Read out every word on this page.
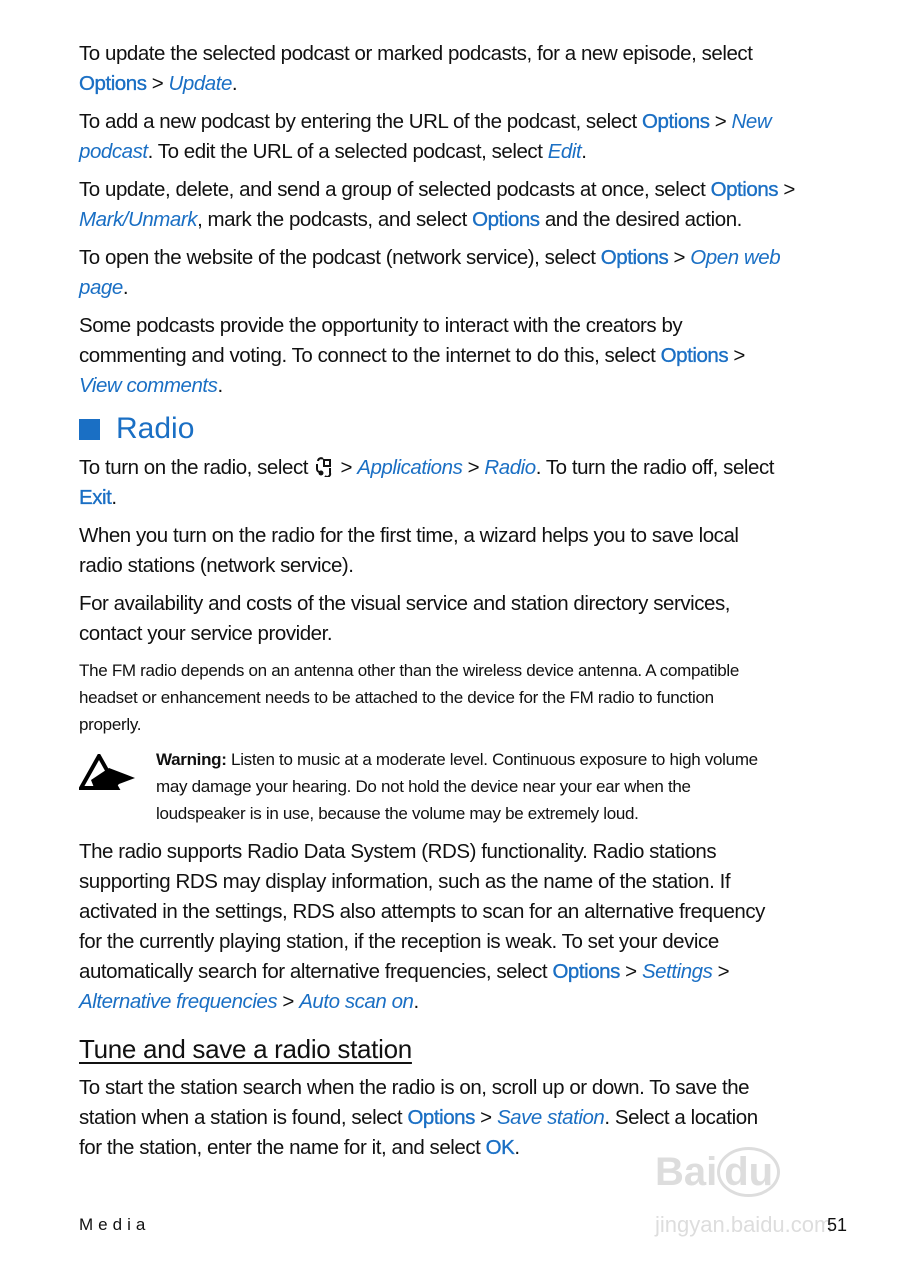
To update the selected podcast or marked podcasts, for a new episode, select
Options > Update.
To add a new podcast by entering the URL of the podcast, select Options > New
podcast. To edit the URL of a selected podcast, select Edit.
To update, delete, and send a group of selected podcasts at once, select Options >
Mark/Unmark, mark the podcasts, and select Options and the desired action.
To open the website of the podcast (network service), select Options > Open web
page.
Some podcasts provide the opportunity to interact with the creators by
commenting and voting. To connect to the internet to do this, select Options >
View comments.
Radio
To turn on the radio, select  > Applications > Radio. To turn the radio off, select
Exit.
When you turn on the radio for the first time, a wizard helps you to save local
radio stations (network service).
For availability and costs of the visual service and station directory services,
contact your service provider.
The FM radio depends on an antenna other than the wireless device antenna. A compatible
headset or enhancement needs to be attached to the device for the FM radio to function
properly.
Warning: Listen to music at a moderate level. Continuous exposure to high volume
may damage your hearing. Do not hold the device near your ear when the
loudspeaker is in use, because the volume may be extremely loud.
The radio supports Radio Data System (RDS) functionality. Radio stations
supporting RDS may display information, such as the name of the station. If
activated in the settings, RDS also attempts to scan for an alternative frequency
for the currently playing station, if the reception is weak. To set your device
automatically search for alternative frequencies, select Options > Settings >
Alternative frequencies > Auto scan on.
Tune and save a radio station
To start the station search when the radio is on, scroll up or down. To save the
station when a station is found, select Options > Save station. Select a location
for the station, enter the name for it, and select OK.
Bai du
jingyan.baidu.com
Media	51
